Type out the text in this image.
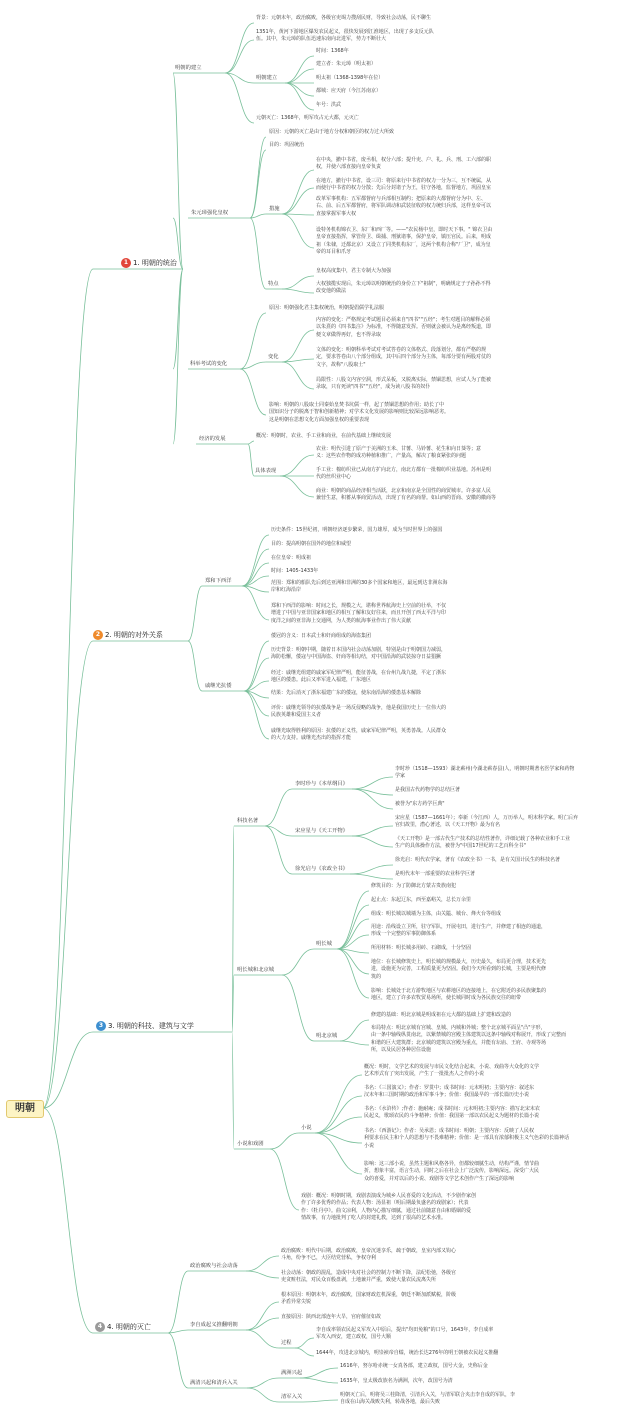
明朝
1 1. 明朝的统治
2 2. 明朝的对外关系
3 3. 明朝的科技、建筑与文学
4 4. 明朝的灭亡
明朝的建立
明朝建立
朱元璋强化皇权
措施
特点
科举考试的变化
变化
经济的发展
具体表现
郑和下西洋
戚继光抗倭
科技名著
李时珍与《本草纲目》
宋应星与《天工开物》
徐光启与《农政全书》
明长城和北京城
明长城
明北京城
小说和戏剧
小说
政治腐败与社会动荡
李自成起义推翻明朝
过程
满清兴起和清兵入关
满洲兴起
清军入关
背景：元朝末年，政治腐败，各级官吏竭力搜刮民财，导致社会动荡，民不聊生
1351年，黄河下游地区爆发农民起义，很快发展到江淮地区，出现了多支反元队
伍。其中，朱元璋的队伍迅速东南向北进军，势力不断壮大
时间：1368年
建立者：朱元璋（明太祖）
明太祖（1368-1398年在位）
都城：应天府（今江苏南京）
年号：洪武
元朝灭亡：1368年，明军攻占元大都，元灭亡
原因：元朝的灭亡是由于地方分权和朝臣的权力过大所致
目的：巩固统治
在中央，撤中书省，废丞相，权分六部；提升吏、户、礼、兵、刑、工六部的职
权，并使六部直接向皇帝负责
在地方，撤行中书省，设三司：将原来行中书省的权力一分为三，互不统属，从
而使行中书省的权力分散；先后分封诸子为王，驻守各地，监督地方，巩固皇室
改革军事机构：五军都督府与兵部相互制约；把原来的大都督府分为中、左、
右、前、后五军都督府，将军队调动和武装征收的权力统归兵部，这样皇帝可以
直接掌握军事大权
设特务机构锦衣卫、东厂和西厂等。——"农民杨中皇，即时天下事。" 锦衣卫由
皇帝直接指挥，掌管侍卫、缉捕、刑狱诸事，保护皇帝，镇压官民。后来，明成
祖（朱棣，迁都北京）又设立了同类机构东厂，这两个机构合称"厂卫"，成为皇
帝的耳目和爪牙
皇权高度集中，君主专制大为加强
大权独揽实现后，朱元璋以明朝统治的身份立下"祖制"，明确规定子子孙孙不得
改变他的做法
原因：明朝强化君主集权统治，明朝提倡儒学礼法服
内容的变化：严格规定考试题目必须来自"四书""五经"；考生对题目的解释必须
以朱熹的《四书集注》为标准，不得随意发挥。否则就会被认为是离经叛道，即
便文章做得再好，也不得录取
文体的变化：明朝科举考试对考试答卷的文体格式、段落划分，都有严格的规
定，要求答卷由八个部分组成，其中后四个部分为主体，每部分要有两股对仗的
文字，故称"八股取士"
局限性：八股文内容空洞，形式呆板，又脱离实际，禁锢思想，应试人为了能被
录取，只有死读"四书""五经"，成为读八股书的奴仆
影响：明朝的八股取士同秦始皇焚书坑儒一样，起了禁锢思想的作用；助长了中
国知识分子的脱离于智和创新精神；对学术文化发展的影响则比较深远影响恶劣。
这是明朝在思想文化方面加强皇权的重要表现
概况：明朝时，农业、手工业和商业，在前代基础上继续发展
农业：明代引进了原产于美洲的玉米、甘薯、马铃薯、花生和向日葵等；意
义：这些农作物的成功种植和推广，产量高，解决了粮食紧张的问题
手工业：棉纺织业已从南方扩向北方，南北方都有一批棉纺织业基地。苏州是明
代的丝织业中心
商业：明朝的商品经济相当活跃，北京和南京是全国性的商贸城市。许多富人民
兼营生意，积蓄从事商贸活动，出现了有名的商帮。如山西的晋商、安徽的徽商等
历史条件：15世纪初，明朝经济逐步繁荣，国力雄厚，成为当时世界上的强国
目的：提高明朝在国外的地位和威望
在位皇帝：明成祖
时间：1405-1433年
范围：郑和的船队先后到达亚洲和非洲的30多个国家和地区，最远到达非洲东海
岸和红海沿岸
郑和下西洋的影响：时间之长，规模之大，堪称世界航海史上空前的壮举，不仅
增进了中国与亚非国家和地区的相互了解和友好往来，而且开创了西太平洋与印
度洋之间的亚非海上交通网，为人类的航海事业作出了伟大贡献
倭冠的含义：日本武士和奸商组成的海盗集团
历史背景：明朝中期，随着日本国内社会动荡加剧，特别是由于明朝国力减弱，
海防松懈，倭寇与中国海盗、奸商等相勾结，对中国沿海的武装掠夺日益猖獗
经过：戚继光组建的戚家军纪律严明，能征善战，在台州九战九捷，平定了浙东
地区的倭患。此后又率军进入福建，广东地区
结果：先后消灭了浙东福建广东的倭寇，使东南沿海的倭患基本解除
评价：戚继光领导的抗倭战争是一场反侵略的战争，他是我国历史上一位伟大的
民族英雄和爱国主义者
戚继光取得胜利的原因：抗倭的正义性，戚家军纪律严明，英勇善战。人民群众
的大力支持。戚继光杰出的指挥才能
李时珍（1518—1593）湖北蕲州(今湖北蕲春县)人，明朝时期著名医学家和药物
学家
是我国古代药物学的总结巨著
被誉为"东方药学巨典"
宋应星（1587—1661年）；奉新（今江西）人，万历举人，明末科学家。明亡后弃
官归故里，潜心著述，以《天工开物》最为有名
《天工开物》是一部古代生产技术的总结性著作，详细记载了各种农业和手工业
生产的具体操作方法，被誉为"中国17世纪的工艺百科全书"
徐光启：明代农学家，著有《农政全书》一书，是有关国计民生的科技名著
是明代末年一部重要的农业科学巨著
修筑目的：为了防御北方蒙古贵族南犯
起止点：东起辽东，西至嘉峪关，总长万余里
组成：明长城以城墙为主体，由关隘、城台、烽火台等组成
用途：沿线设立卫所，驻守军队，开展屯田，进行生产，并修建了相连的通道，
形成一个完整的军事防御体系
所用材料：明长城多用砖、石砌成，十分坚固
地位：在长城修筑史上，明长城的规模最大，历史最久，布局更合理，技术更先
进，设施更为完善，工程质量更为坚固。我们今天所看到的长城，主要是明代修
筑的
影响：长城处于北方游牧地区与农耕地区的连接地上，在它附近的多民族聚集的
地区，建立了许多农牧贸易场所，使长城同时成为各民族交往的纽带
修建的基础：明北京城是明成祖在元大都的基础上扩建和改造的
布局特点：明北京城有宫城、皇城、内城和外城；整个北京城平面呈"凸"字形，
由一条中轴线纵贯南北，以紫禁城的宫殿主体建筑以这条中轴线对称展开，形成了完整而
和谐的巨大建筑群；北京城的建筑以宫殿为重点，并能有坛庙、王府、寺观等场
所，以及民居各种居住设施
概况：明时，文学艺术的发展与市民文化结合起来，小说、戏曲等大众化的文学
艺术形式有了突出发展，产生了一批批杰人之作的小说
书名：《三国演义》；作者：罗贯中；成书时间：元末明初；主要内容：叙述东
汉末年和三国时期的政治和军事斗争；价值：我国最早的一部长篇历史小说
书名：《水浒传》;作者：施耐庵；成书时间：元末明初;主要内容：描写北宋末农
民起义，歌颂农民的斗争精神；价值：我国第一部以农民起义为题材的长篇小说
书名：《西游记》；作者：吴承恩；成书时间：明朝；主要内容：反映了人民权
利要求在民主和个人的思想与不畏难精神；价值：是一部具有浓郁积极主义气色彩的长篇神话
小说
影响：这三部小说，虽然主题和风格各异，但都较细腻生动，结构严谨，情节曲
折，想象丰富，语言生动，同时之后在社会上广泛流传，影响深远。深受广大民
众的喜爱，并对以后的小说、戏剧等文学艺术创作产生了深远的影响
戏剧：概况：明朝时期，戏剧表演成为城乡人民喜爱的文化活动，不少剧作家创
作了许多优秀的作品；代表人物：汤显祖（明后期最负盛名的戏剧家）；代表
作：《牡丹亭》。曲文凉利，人物内心描写细腻，通过社前随意自由和婚姻的爱
情故事，有力地批判了吃人的封建礼教，达到了很高的艺术水准。
政治腐败：明代中后期，政治腐败，皇帝沉迷享乐，疏于朝政，皇室内部又钩心
斗角，纷争不已，大臣结党营私，争权夺利
社会动荡：朝政的混乱，造成中央对社会的控制力不断下降，法纪松弛，各级官
吏贪赃枉法，对民众百般盘剥，土地兼并严重，致使大量农民流离失所
根本原因：明朝末年，政治腐败，国家财政危机深重，朝廷不断加派赋税，阶级
矛盾异常尖锐
直接原因：陕西北部连年大旱，官府催征如故
李自成率领农民起义军攻入中原后，提出"均田免粮"的口号，1643年，李自成率
军攻入西安，建立政权，国号大顺
1644年，攻进北京城内，明崇祯帝自缢，统治长达276年的明王朝被农民起义推翻
1616年，努尔哈赤统一女真各部，建立政权，国号大金，史称后金
1635年，皇太极改族名为满洲，次年，改国号为清
明朝灭亡后，明将吴三桂降清，引清兵入关，与清军联合夹击李自成的军队，李
自成在山海关战败失利，转战各地，最后失败
